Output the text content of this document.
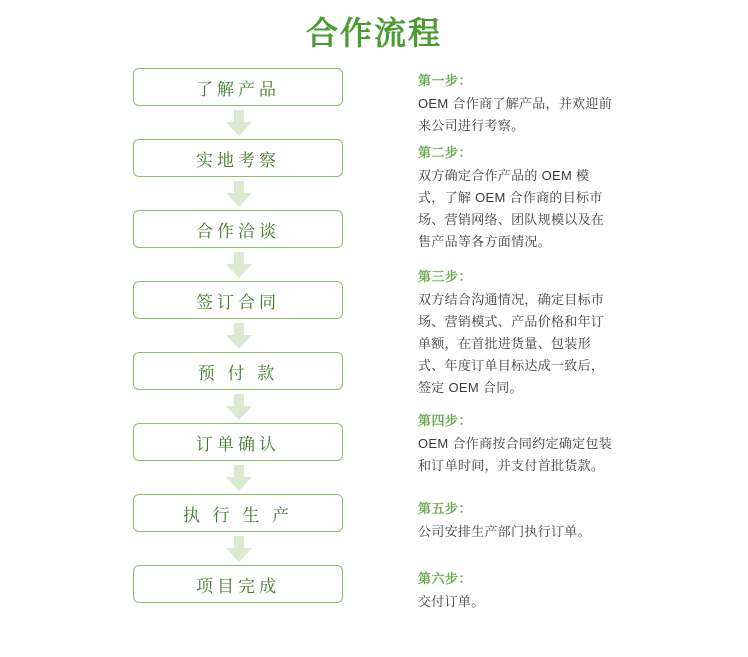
合作流程
了解产品
实地考察
合作洽谈
签订合同
预 付 款
订单确认
执 行 生 产
项目完成
第一步：
OEM 合作商了解产品，并欢迎前来公司进行考察。
第二步：
双方确定合作产品的 OEM 模式，了解 OEM 合作商的目标市场、营销网络、团队规模以及在售产品等各方面情况。
第三步：
双方结合沟通情况，确定目标市场、营销模式、产品价格和年订单额，在首批进货量、包装形式、年度订单目标达成一致后，签定 OEM 合同。
第四步：
OEM 合作商按合同约定确定包装和订单时间，并支付首批货款。
第五步：
公司安排生产部门执行订单。
第六步：
交付订单。
